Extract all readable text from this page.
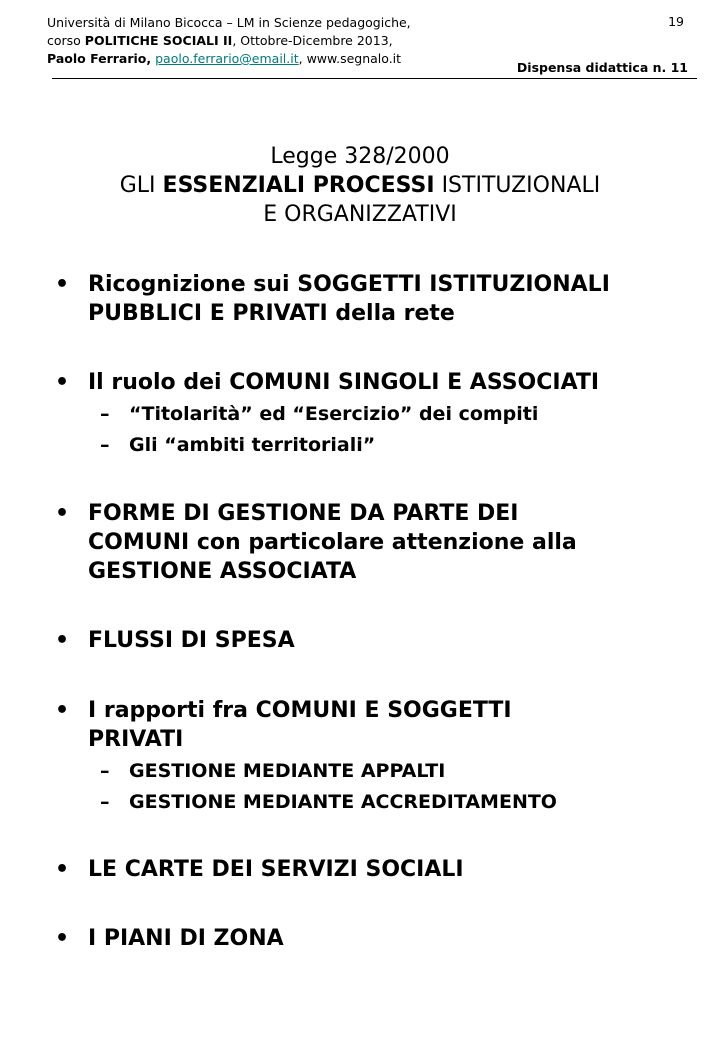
Università di Milano Bicocca – LM in Scienze pedagogiche,
corso POLITICHE SOCIALI II, Ottobre-Dicembre 2013,
Paolo Ferrario, paolo.ferrario@email.it, www.segnalo.it
19
Dispensa didattica n. 11
Legge 328/2000
GLI ESSENZIALI PROCESSI ISTITUZIONALI
E ORGANIZZATIVI
• Ricognizione sui SOGGETTI ISTITUZIONALI
PUBBLICI E PRIVATI della rete
• Il ruolo dei COMUNI SINGOLI E ASSOCIATI
– “Titolarità” ed “Esercizio” dei compiti
– Gli “ambiti territoriali”
• FORME DI GESTIONE DA PARTE DEI
COMUNI con particolare attenzione alla
GESTIONE ASSOCIATA
• FLUSSI DI SPESA
• I rapporti fra COMUNI E SOGGETTI
PRIVATI
– GESTIONE MEDIANTE APPALTI
– GESTIONE MEDIANTE ACCREDITAMENTO
• LE CARTE DEI SERVIZI SOCIALI
• I PIANI DI ZONA
